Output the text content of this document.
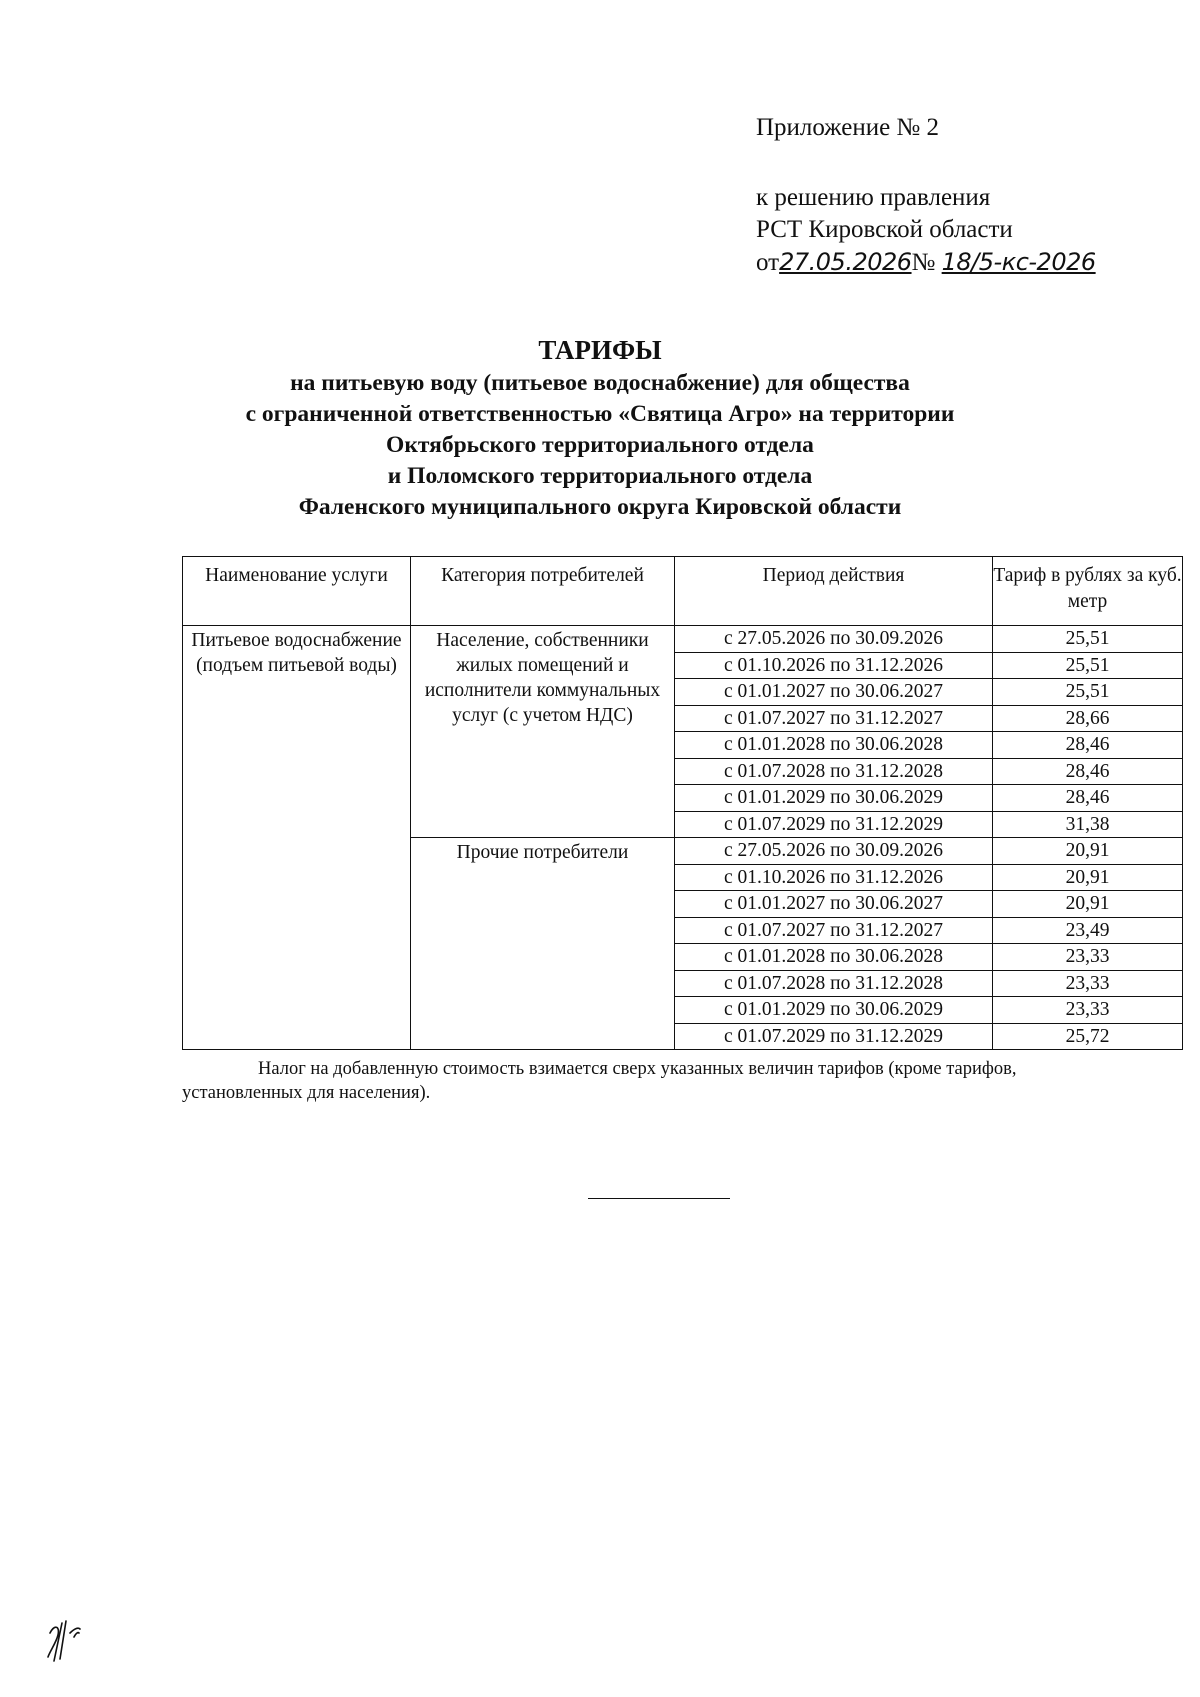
Приложение № 2
к решению правления
РСТ Кировской области
от27.05.2026№ 18/5-кс-2026
ТАРИФЫ
на питьевую воду (питьевое водоснабжение) для общества
с ограниченной ответственностью «Святица Агро» на территории
Октябрьского территориального отдела
и Поломского территориального отдела
Фаленского муниципального округа Кировской области
Наименование услуги	Категория потребителей	Период действия	Тариф в рублях за куб. метр
Питьевое водоснабжение (подъем питьевой воды)	Население, собственники жилых помещений и исполнители коммунальных услуг (с учетом НДС)	с 27.05.2026 по 30.09.2026	25,51
		с 01.10.2026 по 31.12.2026	25,51
		с 01.01.2027 по 30.06.2027	25,51
		с 01.07.2027 по 31.12.2027	28,66
		с 01.01.2028 по 30.06.2028	28,46
		с 01.07.2028 по 31.12.2028	28,46
		с 01.01.2029 по 30.06.2029	28,46
		с 01.07.2029 по 31.12.2029	31,38
	Прочие потребители	с 27.05.2026 по 30.09.2026	20,91
		с 01.10.2026 по 31.12.2026	20,91
		с 01.01.2027 по 30.06.2027	20,91
		с 01.07.2027 по 31.12.2027	23,49
		с 01.01.2028 по 30.06.2028	23,33
		с 01.07.2028 по 31.12.2028	23,33
		с 01.01.2029 по 30.06.2029	23,33
		с 01.07.2029 по 31.12.2029	25,72
Налог на добавленную стоимость взимается сверх указанных величин тарифов (кроме тарифов, установленных для населения).
